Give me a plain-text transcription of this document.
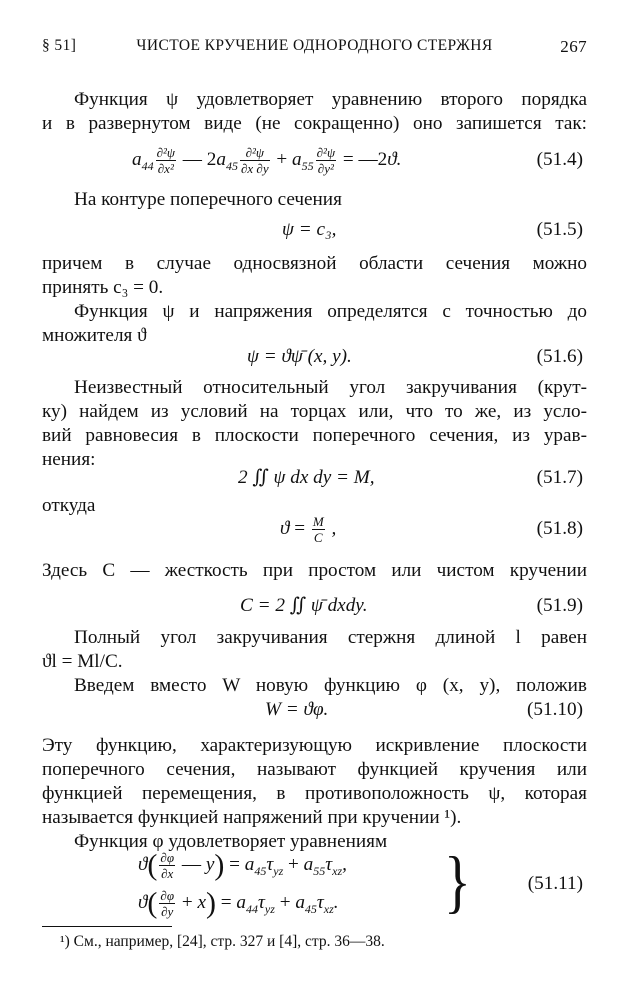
§ 51]	ЧИСТОЕ КРУЧЕНИЕ ОДНОРОДНОГО СТЕРЖНЯ	267
Функция ψ удовлетворяет уравнению второго порядка
и в развернутом виде (не сокращенно) оно запишется так:
$a_{44} \frac{\text{∂²ψ}}{\text{∂x²}}$ — $2a_{45} \frac{\text{∂²ψ}}{\partial x \partial y} + a_{55} \frac{\text{∂²ψ}}{\text{∂y²}}$ = —2ϑ.	(51.4)
На контуре поперечного сечения
ψ = c₃,	(51.5)
причем в случае односвязной области сечения можно
принять c₃ = 0.
Функция ψ и напряжения определятся с точностью до
множителя ϑ
ψ = ϑψ̄ (x, y).	(51.6)
Неизвестный относительный угол закручивания (крут-
ку) найдем из условий на торцах или, что то же, из усло-
вий равновесия в плоскости поперечного сечения, из урав-
нения:
2 ∬ ψ dx dy = M,	(51.7)
откуда
$ϑ = \frac{M}{C}$ ,	(51.8)
Здесь C — жесткость при простом или чистом кручении
C = 2 ∬ ψ̄ dxdy.	(51.9)
Полный угол закручивания стержня длиной l равен
ϑl = Ml/C.
Введем вместо W новую функцию φ (x, y), положив
W = ϑφ.	(51.10)
Эту функцию, характеризующую искривление плоскости
поперечного сечения, называют функцией кручения или
функцией перемещения, в противоположность ψ, которая
называется функцией напряжений при кручении ¹).
Функция φ удовлетворяет уравнениям
$ϑ( \frac{\partial\varphi}{\partial x}$ — $y) = a_{45}\tau_{yz} + a_{55}\tau_{xz}$,
$ϑ( \frac{\partial\varphi}{\partial y} + x) = a_{44}\tau_{yz} + a_{45}\tau_{xz}$. }	(51.11)
¹) См., например, [24], стр. 327 и [4], стр. 36—38.
